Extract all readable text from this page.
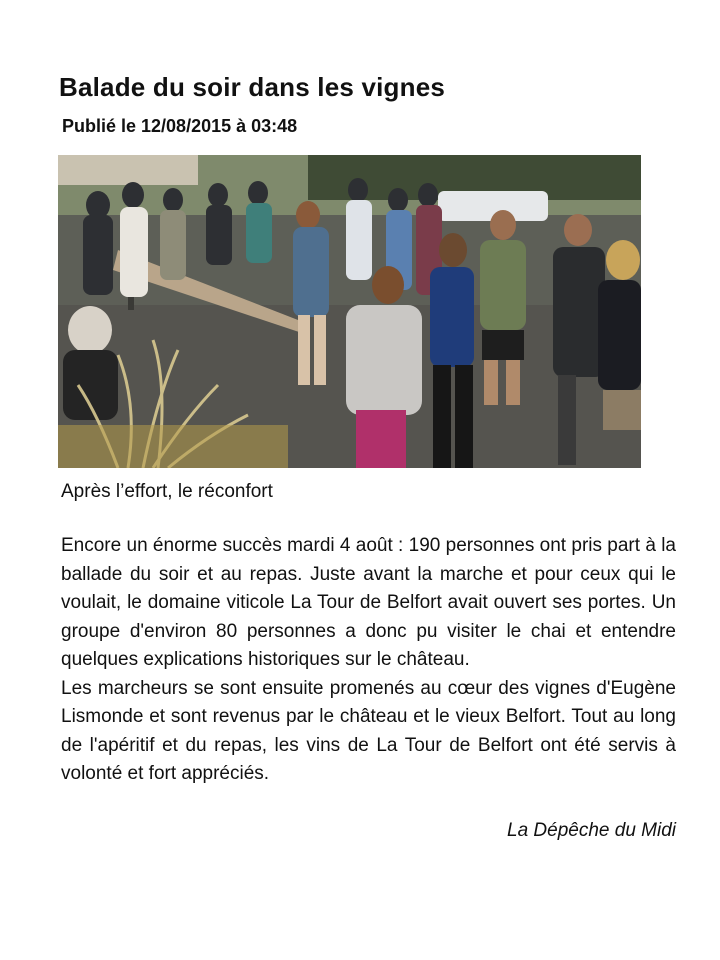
Balade du soir dans les vignes
Publié le 12/08/2015 à 03:48
Après l’effort, le réconfort

Encore un énorme succès mardi 4 août : 190 personnes ont pris part à la ballade du soir et au repas. Juste avant la marche et pour ceux qui le voulait, le domaine viticole La Tour de Belfort avait ouvert ses portes. Un groupe d'environ 80 personnes a donc pu visiter le chai et entendre quelques explications historiques sur le château.

Les marcheurs se sont ensuite promenés au cœur des vignes d'Eugène Lismonde et sont revenus par le château et le vieux Belfort. Tout au long de l'apéritif et du repas, les vins de La Tour de Belfort ont été servis à volonté et fort appréciés.

La Dépêche du Midi
